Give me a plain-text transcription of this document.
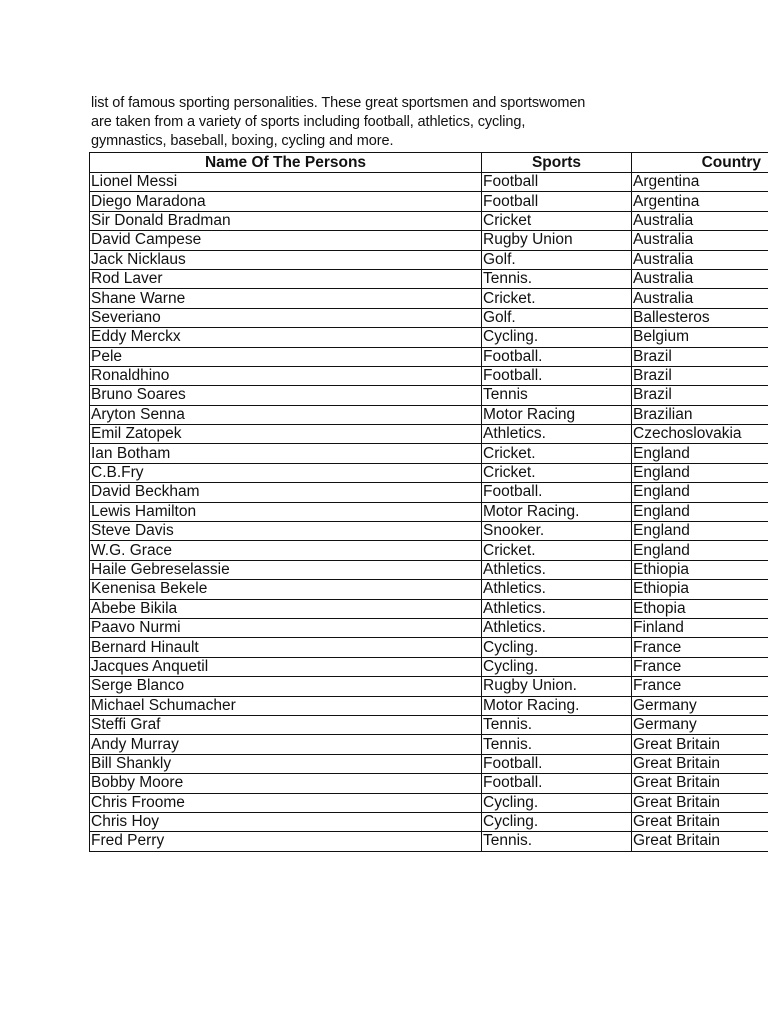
list of famous sporting personalities. These great sportsmen and sportswomen
are taken from a variety of sports including football, athletics, cycling,
gymnastics, baseball, boxing, cycling and more.
Name Of The Persons	Sports	Country
Lionel Messi	Football	Argentina
Diego Maradona	Football	Argentina
Sir Donald Bradman	Cricket	Australia
David Campese	Rugby Union	Australia
Jack Nicklaus	Golf.	Australia
Rod Laver	Tennis.	Australia
Shane Warne	Cricket.	Australia
Severiano	Golf.	Ballesteros
Eddy Merckx	Cycling.	Belgium
Pele	Football.	Brazil
Ronaldhino	Football.	Brazil
Bruno Soares	Tennis	Brazil
Aryton Senna	Motor Racing	Brazilian
Emil Zatopek	Athletics.	Czechoslovakia
Ian Botham	Cricket.	England
C.B.Fry	Cricket.	England
David Beckham	Football.	England
Lewis Hamilton	Motor Racing.	England
Steve Davis	Snooker.	England
W.G. Grace	Cricket.	England
Haile Gebreselassie	Athletics.	Ethiopia
Kenenisa Bekele	Athletics.	Ethiopia
Abebe Bikila	Athletics.	Ethopia
Paavo Nurmi	Athletics.	Finland
Bernard Hinault	Cycling.	France
Jacques Anquetil	Cycling.	France
Serge Blanco	Rugby Union.	France
Michael Schumacher	Motor Racing.	Germany
Steffi Graf	Tennis.	Germany
Andy Murray	Tennis.	Great Britain
Bill Shankly	Football.	Great Britain
Bobby Moore	Football.	Great Britain
Chris Froome	Cycling.	Great Britain
Chris Hoy	Cycling.	Great Britain
Fred Perry	Tennis.	Great Britain
